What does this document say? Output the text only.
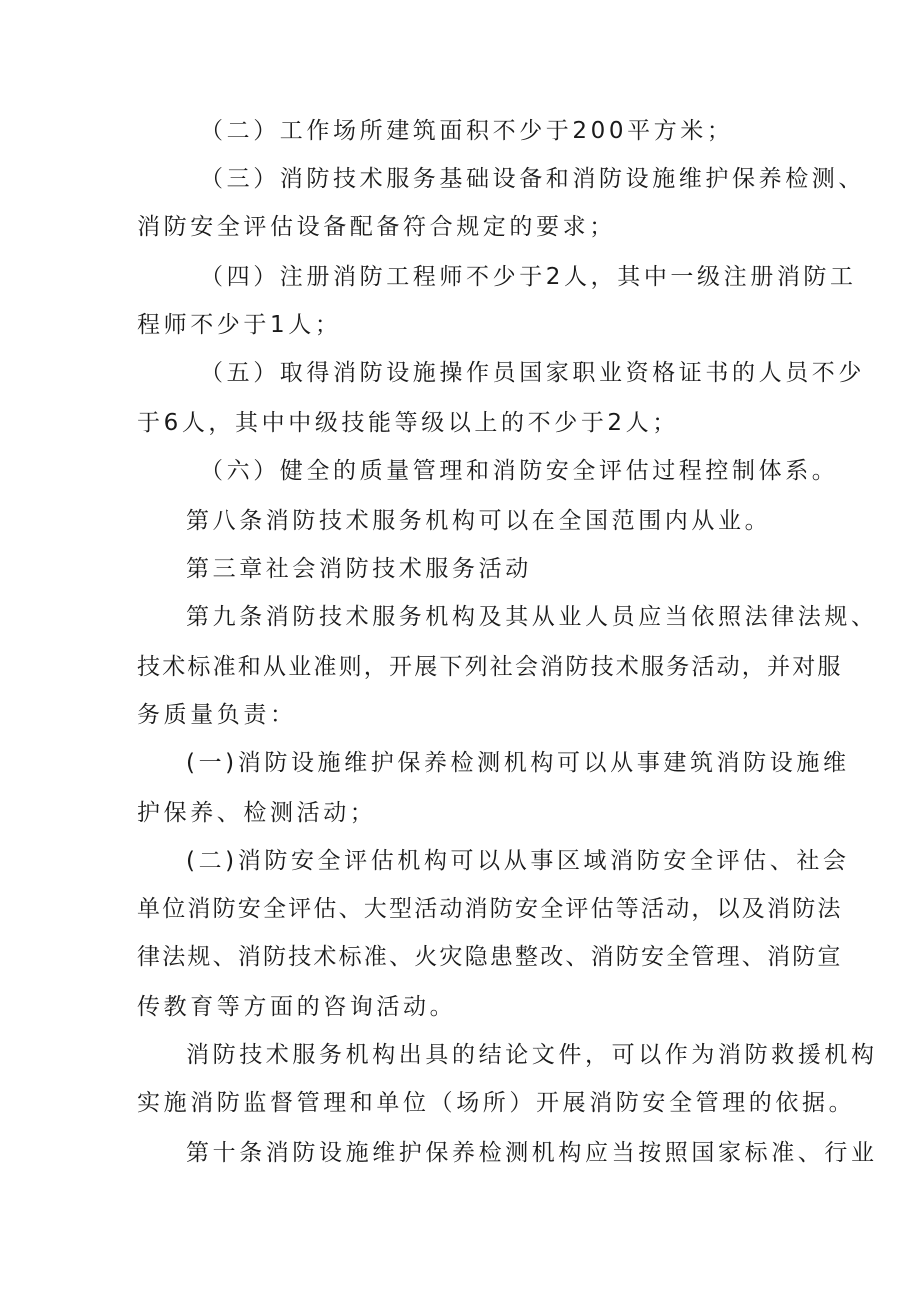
（二）工作场所建筑面积不少于200平方米；

（三）消防技术服务基础设备和消防设施维护保养检测、

消防安全评估设备配备符合规定的要求；

（四）注册消防工程师不少于2人，其中一级注册消防工

程师不少于1人；

（五）取得消防设施操作员国家职业资格证书的人员不少

于6人，其中中级技能等级以上的不少于2人；

（六）健全的质量管理和消防安全评估过程控制体系。

第八条消防技术服务机构可以在全国范围内从业。

第三章社会消防技术服务活动

第九条消防技术服务机构及其从业人员应当依照法律法规、

技术标准和从业准则，开展下列社会消防技术服务活动，并对服

务质量负责：

(一)消防设施维护保养检测机构可以从事建筑消防设施维

护保养、检测活动；

(二)消防安全评估机构可以从事区域消防安全评估、社会

单位消防安全评估、大型活动消防安全评估等活动，以及消防法

律法规、消防技术标准、火灾隐患整改、消防安全管理、消防宣

传教育等方面的咨询活动。

消防技术服务机构出具的结论文件，可以作为消防救援机构

实施消防监督管理和单位（场所）开展消防安全管理的依据。

第十条消防设施维护保养检测机构应当按照国家标准、行业
